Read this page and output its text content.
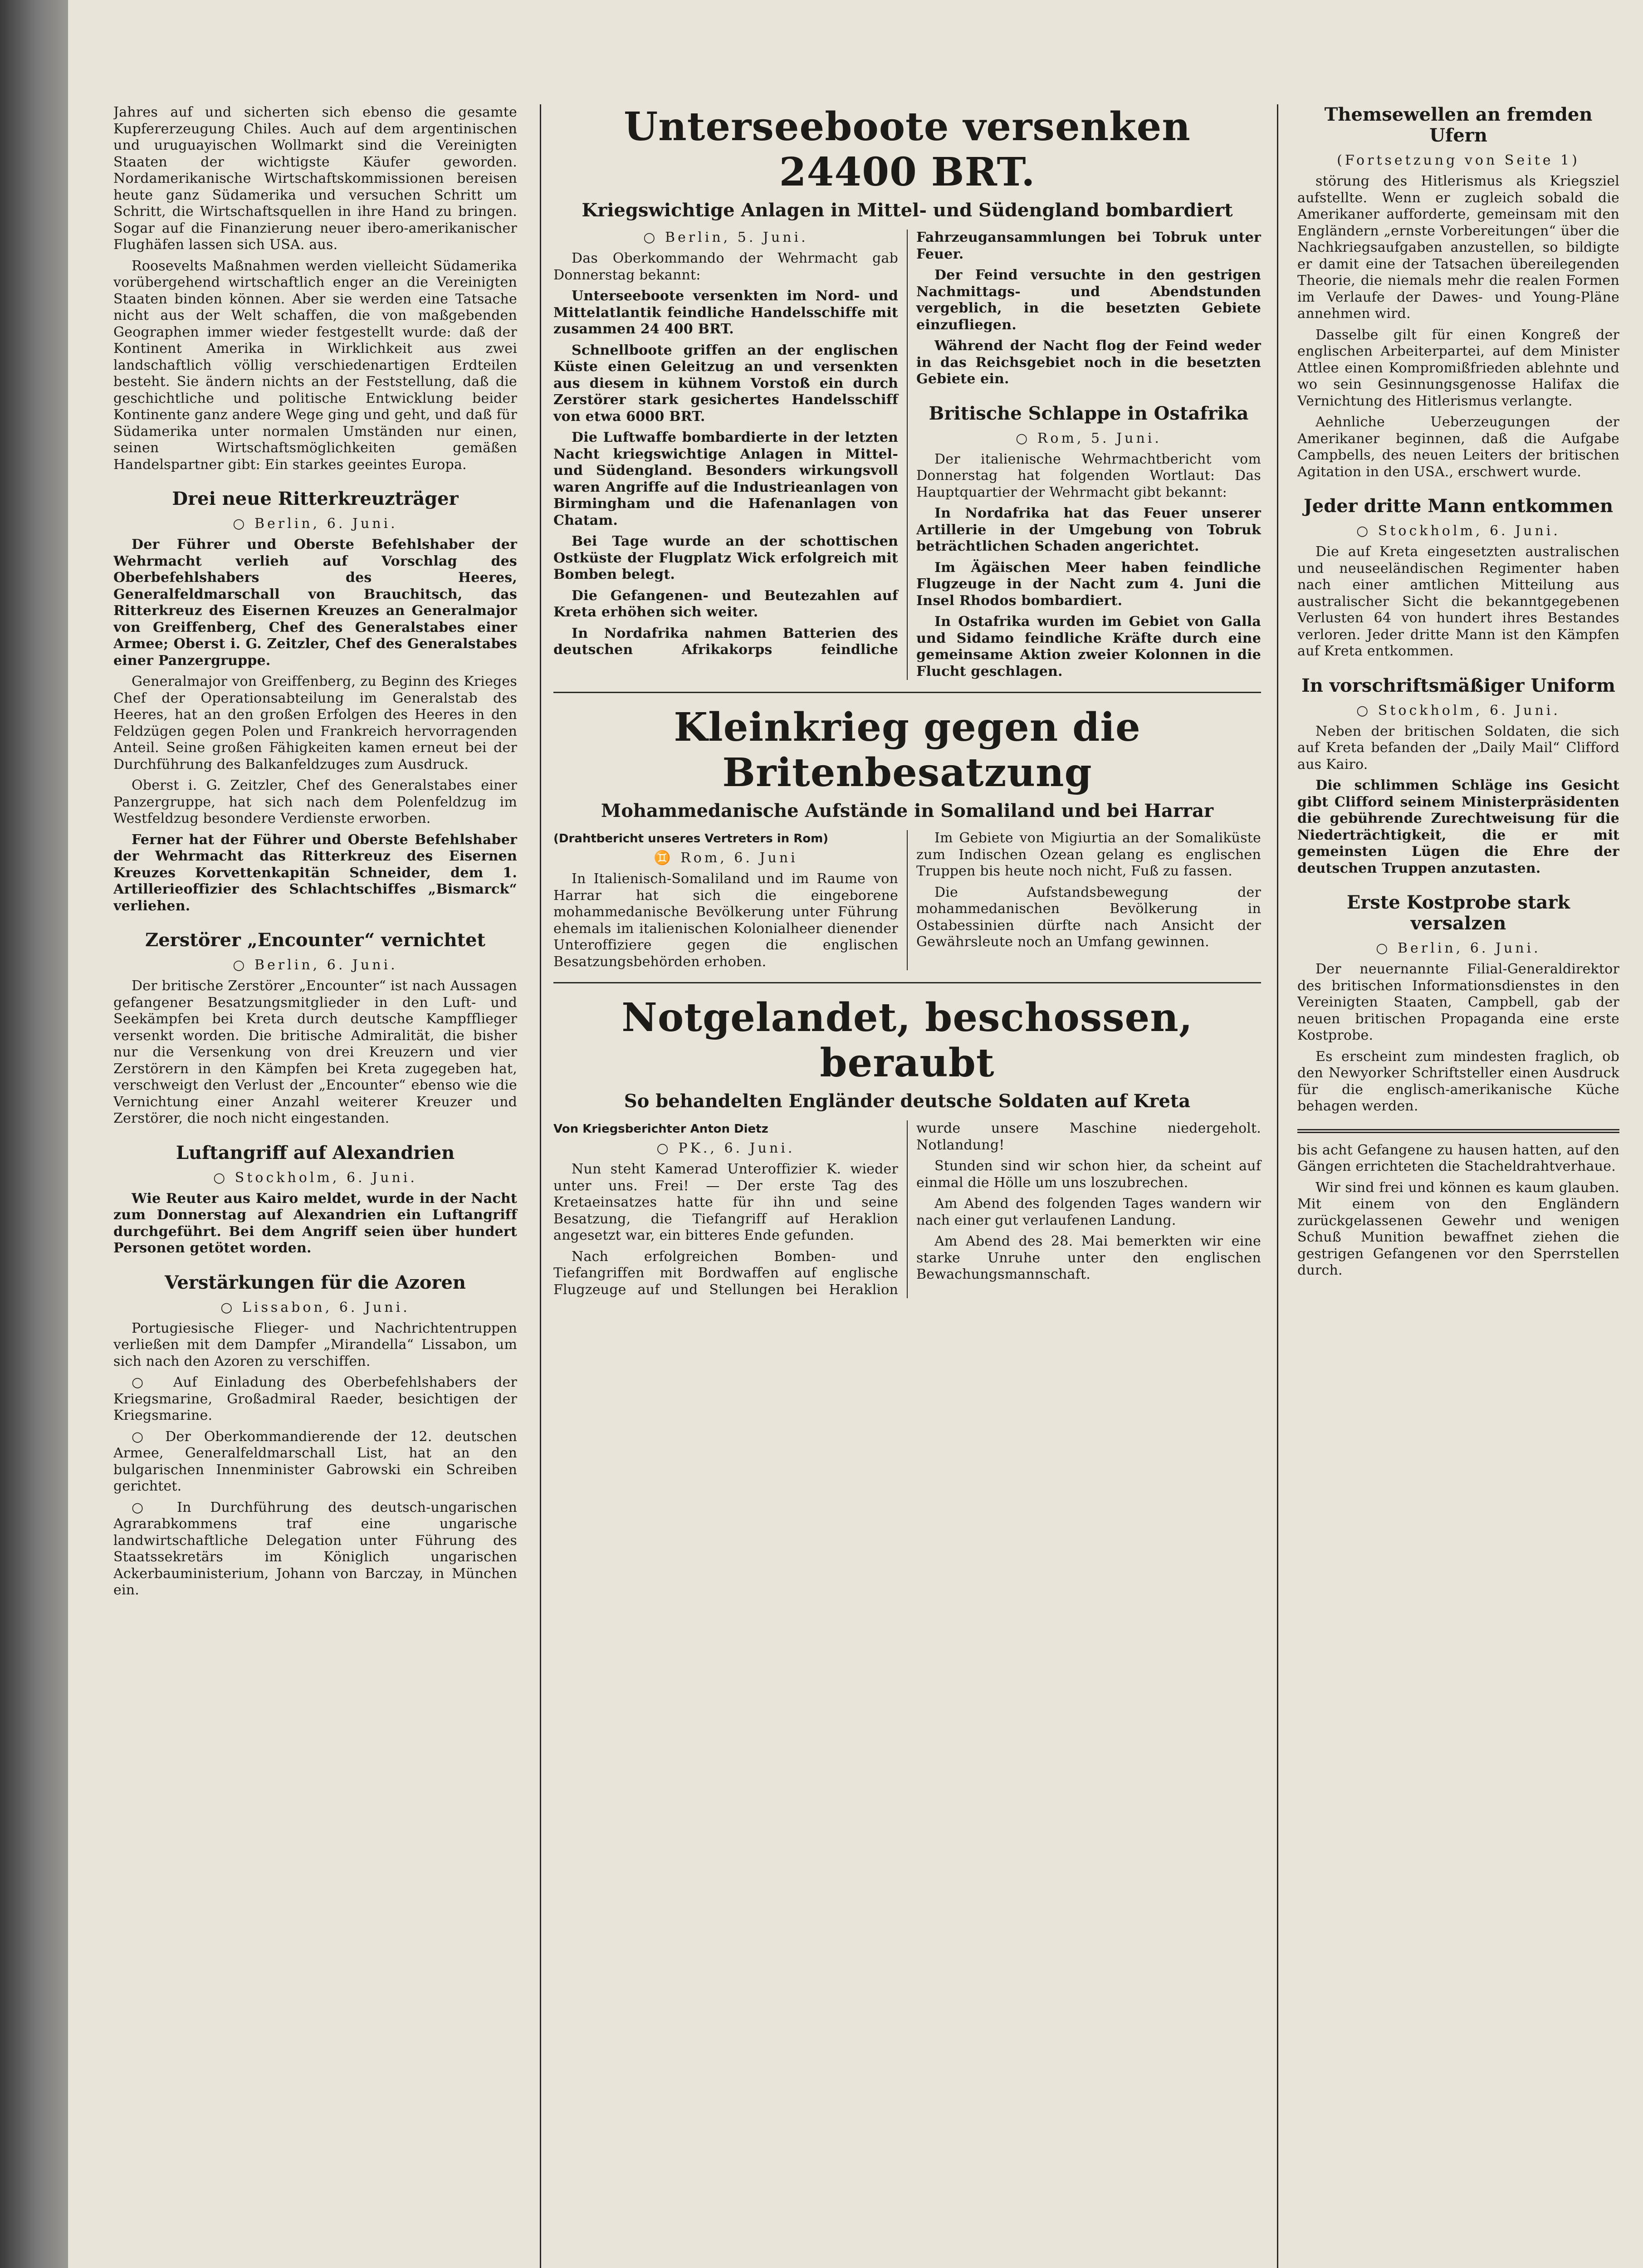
Jahres auf und sicherten sich ebenso die gesamte Kupfererzeugung Chiles. Auch auf dem argentinischen und uruguayischen Wollmarkt sind die Vereinigten Staaten der wichtigste Käufer geworden. Nordamerikanische Wirtschaftskommissionen bereisen heute ganz Südamerika und versuchen Schritt um Schritt, die Wirtschaftsquellen in ihre Hand zu bringen. Sogar auf die Finanzierung neuer ibero-amerikanischer Flughäfen lassen sich USA. aus.

Roosevelts Maßnahmen werden vielleicht Südamerika vorübergehend wirtschaftlich enger an die Vereinigten Staaten binden können. Aber sie werden eine Tatsache nicht aus der Welt schaffen, die von maßgebenden Geographen immer wieder festgestellt wurde: daß der Kontinent Amerika in Wirklichkeit aus zwei landschaftlich völlig verschiedenartigen Erdteilen besteht. Sie ändern nichts an der Feststellung, daß die geschichtliche und politische Entwicklung beider Kontinente ganz andere Wege ging und geht, und daß für Südamerika unter normalen Umständen nur einen, seinen Wirtschaftsmöglichkeiten gemäßen Handelspartner gibt: Ein starkes geeintes Europa.

Drei neue Ritterkreuzträger
○ Berlin, 6. Juni.

Der Führer und Oberste Befehlshaber der Wehrmacht verlieh auf Vorschlag des Oberbefehlshabers des Heeres, Generalfeldmarschall von Brauchitsch, das Ritterkreuz des Eisernen Kreuzes an Generalmajor von Greiffenberg, Chef des Generalstabes einer Armee; Oberst i. G. Zeitzler, Chef des Generalstabes einer Panzergruppe.

Generalmajor von Greiffenberg, zu Beginn des Krieges Chef der Operationsabteilung im Generalstab des Heeres, hat an den großen Erfolgen des Heeres in den Feldzügen gegen Polen und Frankreich hervorragenden Anteil. Seine großen Fähigkeiten kamen erneut bei der Durchführung des Balkanfeldzuges zum Ausdruck.

Oberst i. G. Zeitzler, Chef des Generalstabes einer Panzergruppe, hat sich nach dem Polenfeldzug im Westfeldzug besondere Verdienste erworben.

Ferner hat der Führer und Oberste Befehlshaber der Wehrmacht das Ritterkreuz des Eisernen Kreuzes Korvettenkapitän Schneider, dem 1. Artillerieoffizier des Schlachtschiffes „Bismarck“ verliehen.

Zerstörer „Encounter“ vernichtet
○ Berlin, 6. Juni.

Der britische Zerstörer „Encounter“ ist nach Aussagen gefangener Besatzungsmitglieder in den Luft- und Seekämpfen bei Kreta durch deutsche Kampfflieger versenkt worden. Die britische Admiralität, die bisher nur die Versenkung von drei Kreuzern und vier Zerstörern in den Kämpfen bei Kreta zugegeben hat, verschweigt den Verlust der „Encounter“ ebenso wie die Vernichtung einer Anzahl weiterer Kreuzer und Zerstörer, die noch nicht eingestanden.

Luftangriff auf Alexandrien
○ Stockholm, 6. Juni.

Wie Reuter aus Kairo meldet, wurde in der Nacht zum Donnerstag auf Alexandrien ein Luftangriff durchgeführt. Bei dem Angriff seien über hundert Personen getötet worden.

Verstärkungen für die Azoren
○ Lissabon, 6. Juni.

Portugiesische Flieger- und Nachrichtentruppen verließen mit dem Dampfer „Mirandella“ Lissabon, um sich nach den Azoren zu verschiffen.

○ Auf Einladung des Oberbefehlshabers der Kriegsmarine, Großadmiral Raeder, besichtigen der Kriegsmarine.

○ Der Oberkommandierende der 12. deutschen Armee, Generalfeldmarschall List, hat an den bulgarischen Innenminister Gabrowski ein Schreiben gerichtet.

○ In Durchführung des deutsch-ungarischen Agrarabkommens traf eine ungarische landwirtschaftliche Delegation unter Führung des Staatssekretärs im Königlich ungarischen Ackerbauministerium, Johann von Barczay, in München ein.

Unterseeboote versenken 24400 BRT.
Kriegswichtige Anlagen in Mittel- und Südengland bombardiert
○ Berlin, 5. Juni.

Das Oberkommando der Wehrmacht gab Donnerstag bekannt:

Unterseeboote versenkten im Nord- und Mittelatlantik feindliche Handelsschiffe mit zusammen 24 400 BRT.

Schnellboote griffen an der englischen Küste einen Geleitzug an und versenkten aus diesem in kühnem Vorstoß ein durch Zerstörer stark gesichertes Handelsschiff von etwa 6000 BRT.

Die Luftwaffe bombardierte in der letzten Nacht kriegswichtige Anlagen in Mittel- und Südengland. Besonders wirkungsvoll waren Angriffe auf die Industrieanlagen von Birmingham und die Hafenanlagen von Chatam.

Bei Tage wurde an der schottischen Ostküste der Flugplatz Wick erfolgreich mit Bomben belegt.

Die Gefangenen- und Beutezahlen auf Kreta erhöhen sich weiter.

In Nordafrika nahmen Batterien des deutschen Afrikakorps feindliche Fahrzeugansammlungen bei Tobruk unter Feuer.

Der Feind versuchte in den gestrigen Nachmittags- und Abendstunden vergeblich, in die besetzten Gebiete einzufliegen.

Während der Nacht flog der Feind weder in das Reichsgebiet noch in die besetzten Gebiete ein.

Britische Schlappe in Ostafrika
○ Rom, 5. Juni.

Der italienische Wehrmachtbericht vom Donnerstag hat folgenden Wortlaut: Das Hauptquartier der Wehrmacht gibt bekannt:

In Nordafrika hat das Feuer unserer Artillerie in der Umgebung von Tobruk beträchtlichen Schaden angerichtet.

Im Ägäischen Meer haben feindliche Flugzeuge in der Nacht zum 4. Juni die Insel Rhodos bombardiert.

In Ostafrika wurden im Gebiet von Galla und Sidamo feindliche Kräfte durch eine gemeinsame Aktion zweier Kolonnen in die Flucht geschlagen.

Kleinkrieg gegen die Britenbesatzung
Mohammedanische Aufstände in Somaliland und bei Harrar
(Drahtbericht unseres Vertreters in Rom)
♊ Rom, 6. Juni

In Italienisch-Somaliland und im Raume von Harrar hat sich die eingeborene mohammedanische Bevölkerung unter Führung ehemals im italienischen Kolonialheer dienender Unteroffiziere gegen die englischen Besatzungsbehörden erhoben.

Im Gebiete von Migiurtia an der Somaliküste zum Indischen Ozean gelang es englischen Truppen bis heute noch nicht, Fuß zu fassen.

Die Aufstandsbewegung der mohammedanischen Bevölkerung in Ostabessinien dürfte nach Ansicht der Gewährsleute noch an Umfang gewinnen.

Notgelandet, beschossen, beraubt
So behandelten Engländer deutsche Soldaten auf Kreta
Von Kriegsberichter Anton Dietz
○ PK., 6. Juni.

Nun steht Kamerad Unteroffizier K. wieder unter uns. Frei! — Der erste Tag des Kretaeinsatzes hatte für ihn und seine Besatzung, die Tiefangriff auf Heraklion angesetzt war, ein bitteres Ende gefunden.

Nach erfolgreichen Bomben- und Tiefangriffen mit Bordwaffen auf englische Flugzeuge auf und Stellungen bei Heraklion wurde unsere Maschine niedergeholt. Notlandung!

Stunden sind wir schon hier, da scheint auf einmal die Hölle um uns loszubrechen.

Am Abend des folgenden Tages wandern wir nach einer gut verlaufenen Landung.

Am Abend des 28. Mai bemerkten wir eine starke Unruhe unter den englischen Bewachungsmannschaft.

Themsewellen an fremden Ufern
(Fortsetzung von Seite 1)

störung des Hitlerismus als Kriegsziel aufstellte. Wenn er zugleich sobald die Amerikaner aufforderte, gemeinsam mit den Engländern „ernste Vorbereitungen“ über die Nachkriegsaufgaben anzustellen, so bildigte er damit eine der Tatsachen übereilegenden Theorie, die niemals mehr die realen Formen im Verlaufe der Dawes- und Young-Pläne annehmen wird.

Dasselbe gilt für einen Kongreß der englischen Arbeiterpartei, auf dem Minister Attlee einen Kompromißfrieden ablehnte und wo sein Gesinnungsgenosse Halifax die Vernichtung des Hitlerismus verlangte.

Aehnliche Ueberzeugungen der Amerikaner beginnen, daß die Aufgabe Campbells, des neuen Leiters der britischen Agitation in den USA., erschwert wurde.

Jeder dritte Mann entkommen
○ Stockholm, 6. Juni.

Die auf Kreta eingesetzten australischen und neuseeländischen Regimenter haben nach einer amtlichen Mitteilung aus australischer Sicht die bekanntgegebenen Verlusten 64 von hundert ihres Bestandes verloren. Jeder dritte Mann ist den Kämpfen auf Kreta entkommen.

In vorschriftsmäßiger Uniform
○ Stockholm, 6. Juni.

Neben der britischen Soldaten, die sich auf Kreta befanden der „Daily Mail“ Clifford aus Kairo.

Die schlimmen Schläge ins Gesicht gibt Clifford seinem Ministerpräsidenten die gebührende Zurechtweisung für die Niederträchtigkeit, die er mit gemeinsten Lügen die Ehre der deutschen Truppen anzutasten.

Erste Kostprobe stark versalzen
○ Berlin, 6. Juni.

Der neuernannte Filial-Generaldirektor des britischen Informationsdienstes in den Vereinigten Staaten, Campbell, gab der neuen britischen Propaganda eine erste Kostprobe.

Es erscheint zum mindesten fraglich, ob den Newyorker Schriftsteller einen Ausdruck für die englisch-amerikanische Küche behagen werden.

bis acht Gefangene zu hausen hatten, auf den Gängen errichteten die Stacheldrahtverhaue.

Wir sind frei und können es kaum glauben. Mit einem von den Engländern zurückgelassenen Gewehr und wenigen Schuß Munition bewaffnet ziehen die gestrigen Gefangenen vor den Sperrstellen durch.
